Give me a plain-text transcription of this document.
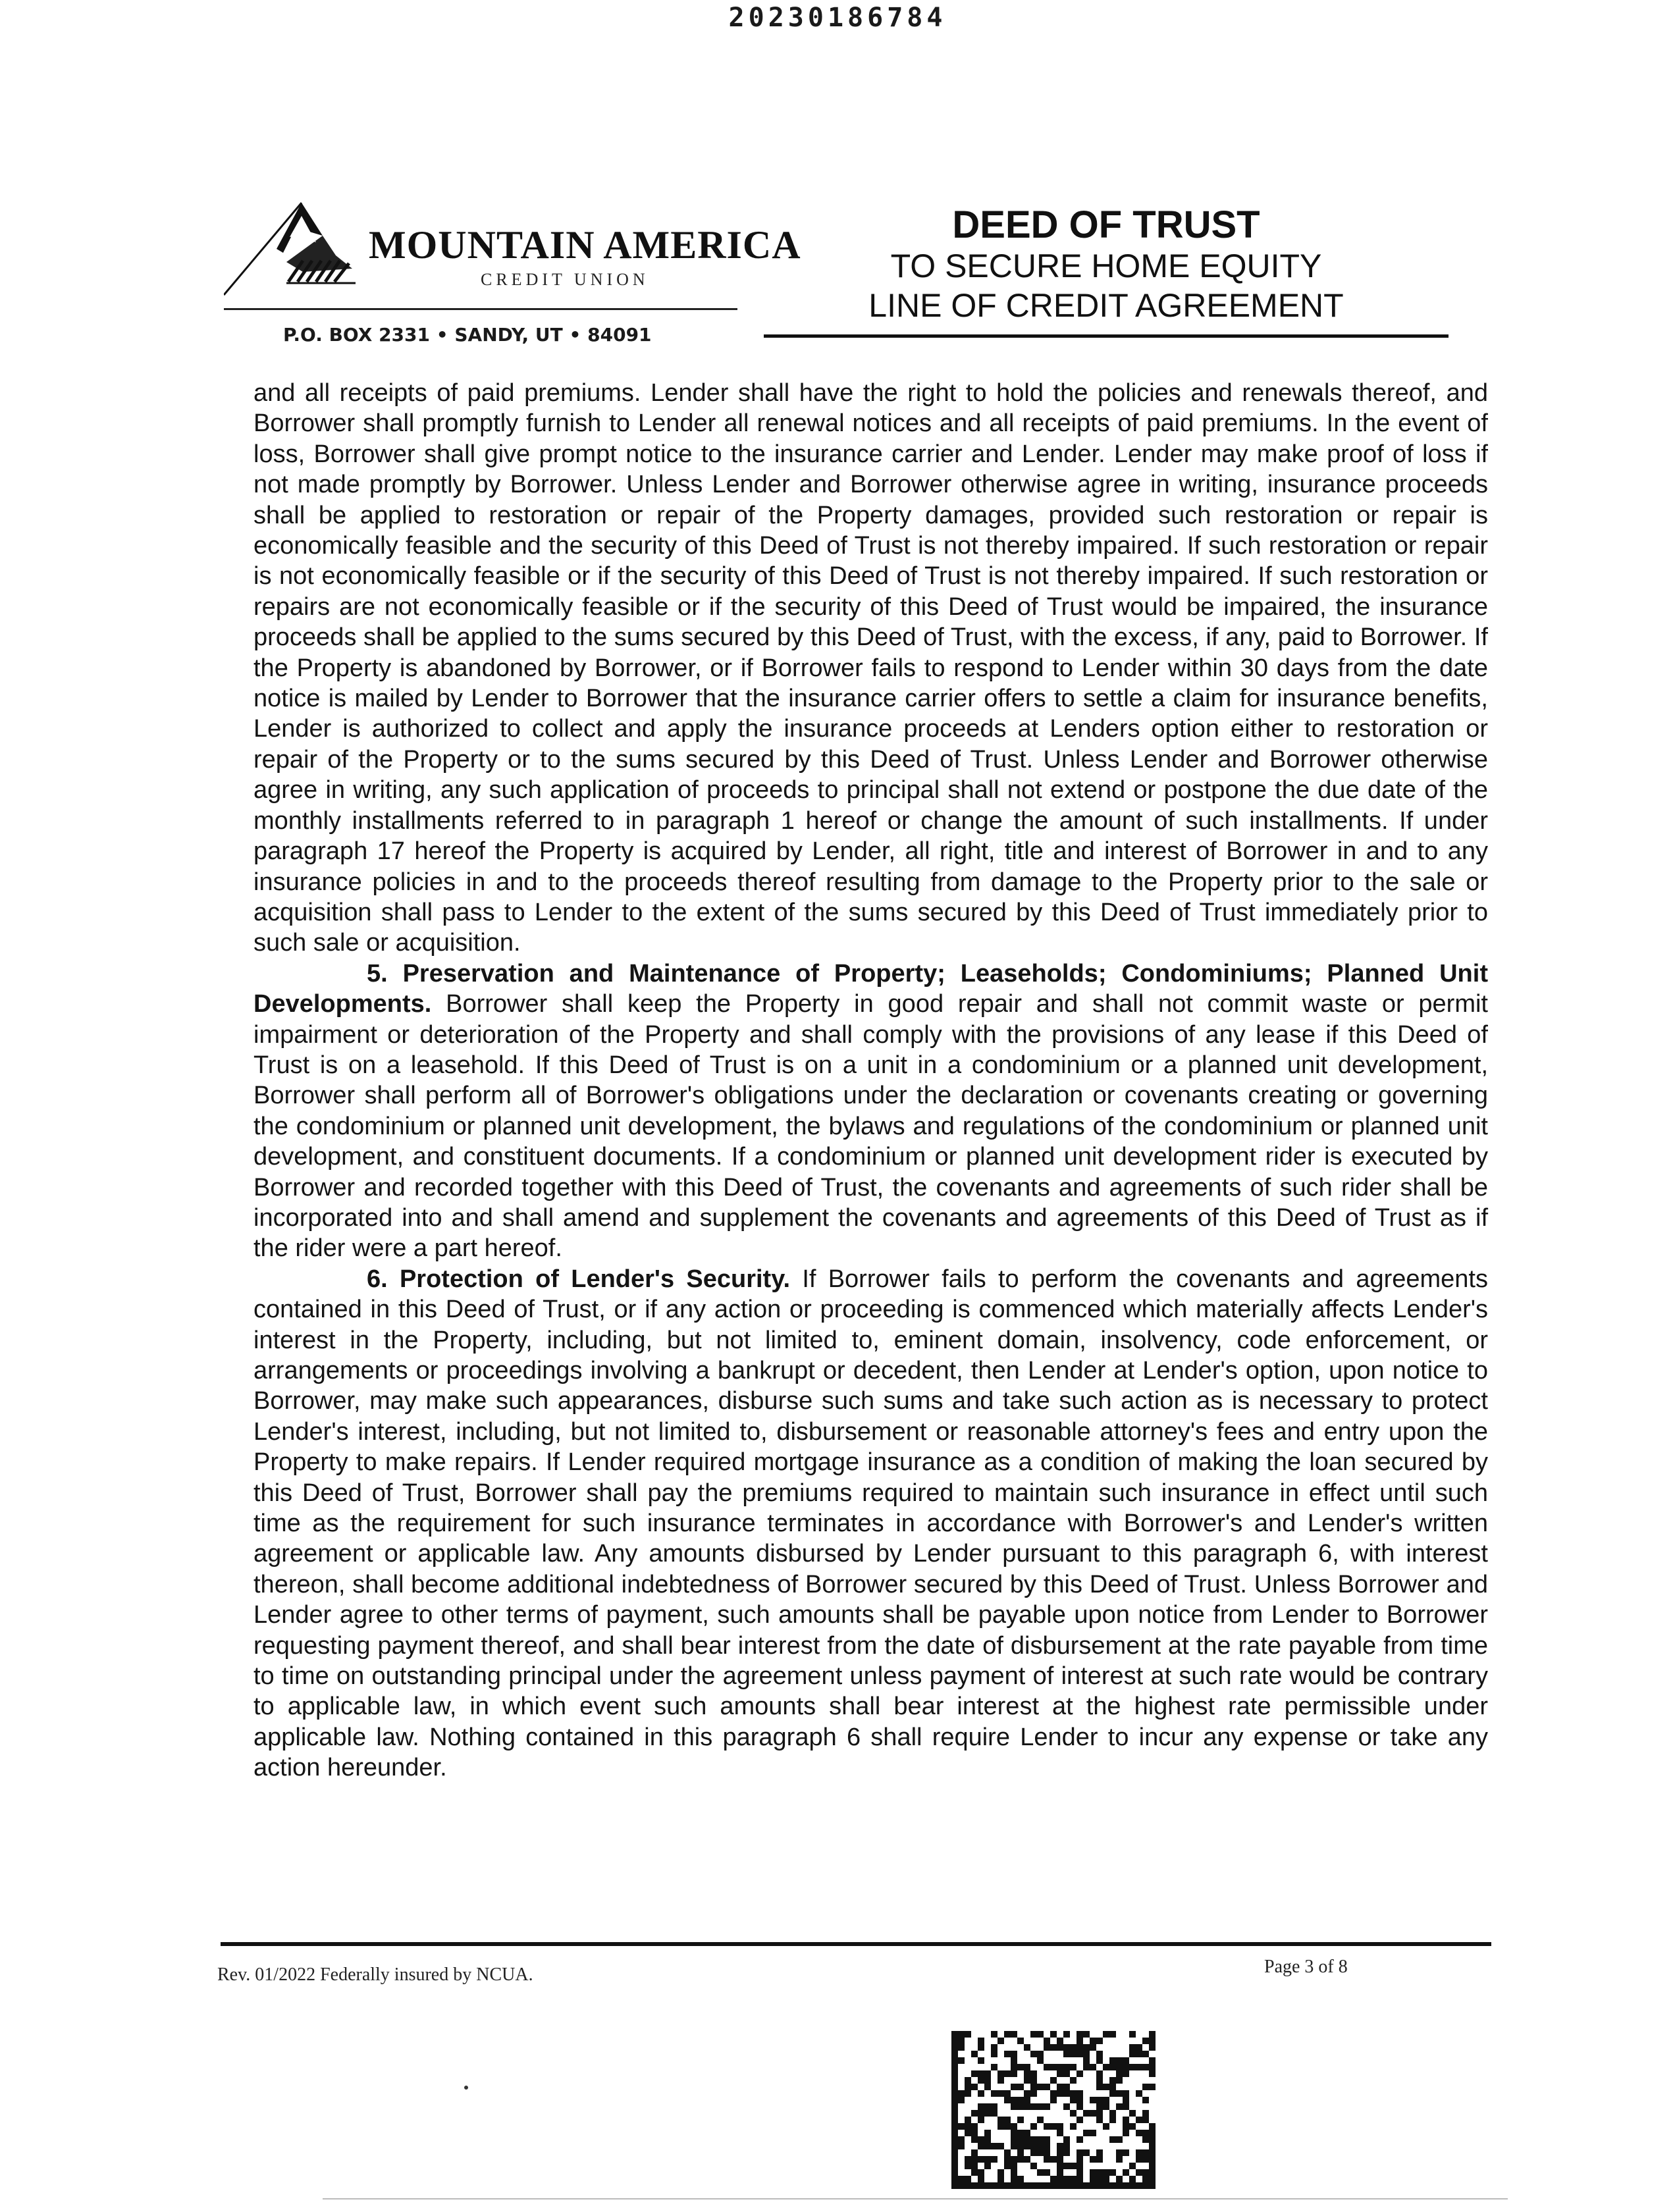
20230186784
MOUNTAIN AMERICA
CREDIT UNION
P.O. BOX 2331 • SANDY, UT • 84091
DEED OF TRUST
TO SECURE HOME EQUITY
LINE OF CREDIT AGREEMENT

and all receipts of paid premiums. Lender shall have the right to hold the policies and renewals thereof, and Borrower shall promptly furnish to Lender all renewal notices and all receipts of paid premiums. In the event of loss, Borrower shall give prompt notice to the insurance carrier and Lender. Lender may make proof of loss if not made promptly by Borrower. Unless Lender and Borrower otherwise agree in writing, insurance proceeds shall be applied to restoration or repair of the Property damages, provided such restoration or repair is economically feasible and the security of this Deed of Trust is not thereby impaired. If such restoration or repair is not economically feasible or if the security of this Deed of Trust is not thereby impaired. If such restoration or repairs are not economically feasible or if the security of this Deed of Trust would be impaired, the insurance proceeds shall be applied to the sums secured by this Deed of Trust, with the excess, if any, paid to Borrower. If the Property is abandoned by Borrower, or if Borrower fails to respond to Lender within 30 days from the date notice is mailed by Lender to Borrower that the insurance carrier offers to settle a claim for insurance benefits, Lender is authorized to collect and apply the insurance proceeds at Lenders option either to restoration or repair of the Property or to the sums secured by this Deed of Trust. Unless Lender and Borrower otherwise agree in writing, any such application of proceeds to principal shall not extend or postpone the due date of the monthly installments referred to in paragraph 1 hereof or change the amount of such installments. If under paragraph 17 hereof the Property is acquired by Lender, all right, title and interest of Borrower in and to any insurance policies in and to the proceeds thereof resulting from damage to the Property prior to the sale or acquisition shall pass to Lender to the extent of the sums secured by this Deed of Trust immediately prior to such sale or acquisition.

5. Preservation and Maintenance of Property; Leaseholds; Condominiums; Planned Unit Developments. Borrower shall keep the Property in good repair and shall not commit waste or permit impairment or deterioration of the Property and shall comply with the provisions of any lease if this Deed of Trust is on a leasehold. If this Deed of Trust is on a unit in a condominium or a planned unit development, Borrower shall perform all of Borrower's obligations under the declaration or covenants creating or governing the condominium or planned unit development, the bylaws and regulations of the condominium or planned unit development, and constituent documents. If a condominium or planned unit development rider is executed by Borrower and recorded together with this Deed of Trust, the covenants and agreements of such rider shall be incorporated into and shall amend and supplement the covenants and agreements of this Deed of Trust as if the rider were a part hereof.

6. Protection of Lender's Security. If Borrower fails to perform the covenants and agreements contained in this Deed of Trust, or if any action or proceeding is commenced which materially affects Lender's interest in the Property, including, but not limited to, eminent domain, insolvency, code enforcement, or arrangements or proceedings involving a bankrupt or decedent, then Lender at Lender's option, upon notice to Borrower, may make such appearances, disburse such sums and take such action as is necessary to protect Lender's interest, including, but not limited to, disbursement or reasonable attorney's fees and entry upon the Property to make repairs. If Lender required mortgage insurance as a condition of making the loan secured by this Deed of Trust, Borrower shall pay the premiums required to maintain such insurance in effect until such time as the requirement for such insurance terminates in accordance with Borrower's and Lender's written agreement or applicable law. Any amounts disbursed by Lender pursuant to this paragraph 6, with interest thereon, shall become additional indebtedness of Borrower secured by this Deed of Trust. Unless Borrower and Lender agree to other terms of payment, such amounts shall be payable upon notice from Lender to Borrower requesting payment thereof, and shall bear interest from the date of disbursement at the rate payable from time to time on outstanding principal under the agreement unless payment of interest at such rate would be contrary to applicable law, in which event such amounts shall bear interest at the highest rate permissible under applicable law. Nothing contained in this paragraph 6 shall require Lender to incur any expense or take any action hereunder.

Rev. 01/2022 Federally insured by NCUA.	Page 3 of 8
